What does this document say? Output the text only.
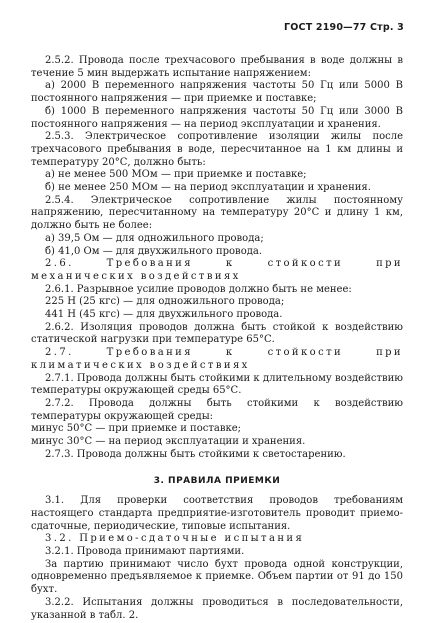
ГОСТ 2190—77 Стр. 3

2.5.2. Провода после трехчасового пребывания в воде должны в течение 5 мин выдержать испытание напряжением:

а) 2000 В переменного напряжения частоты 50 Гц или 5000 В постоянного напряжения — при приемке и поставке;

б) 1000 В переменного напряжения частоты 50 Гц или 3000 В постоянного напряжения — на период эксплуатации и хранения.

2.5.3. Электрическое сопротивление изоляции жилы после трехчасового пребывания в воде, пересчитанное на 1 км длины и температуру 20°С, должно быть:

а) не менее 500 МОм — при приемке и поставке;

б) не менее 250 МОм — на период эксплуатации и хранения.

2.5.4. Электрическое сопротивление жилы постоянному напряжению, пересчитанному на температуру 20°С и длину 1 км, должно быть не более:

а) 39,5 Ом — для одножильного провода;

б) 41,0 Ом — для двухжильного провода.

2.6. Требования к стойкости при механических воздействиях

2.6.1. Разрывное усилие проводов должно быть не менее:

225 Н (25 кгс) — для одножильного провода;

441 Н (45 кгс) — для двухжильного провода.

2.6.2. Изоляция проводов должна быть стойкой к воздействию статической нагрузки при температуре 65°С.

2.7. Требования к стойкости при климатических воздействиях

2.7.1. Провода должны быть стойкими к длительному воздействию температуры окружающей среды 65°С.

2.7.2. Провода должны быть стойкими к воздействию температуры окружающей среды:

минус 50°С — при приемке и поставке;

минус 30°С — на период эксплуатации и хранения.

2.7.3. Провода должны быть стойкими к светостарению.

3. ПРАВИЛА ПРИЕМКИ

3.1. Для проверки соответствия проводов требованиям настоящего стандарта предприятие-изготовитель проводит приемо-сдаточные, периодические, типовые испытания.

3.2. Приемо-сдаточные испытания

3.2.1. Провода принимают партиями.

За партию принимают число бухт провода одной конструкции, одновременно предъявляемое к приемке. Объем партии от 91 до 150 бухт.

3.2.2. Испытания должны проводиться в последовательности, указанной в табл. 2.
